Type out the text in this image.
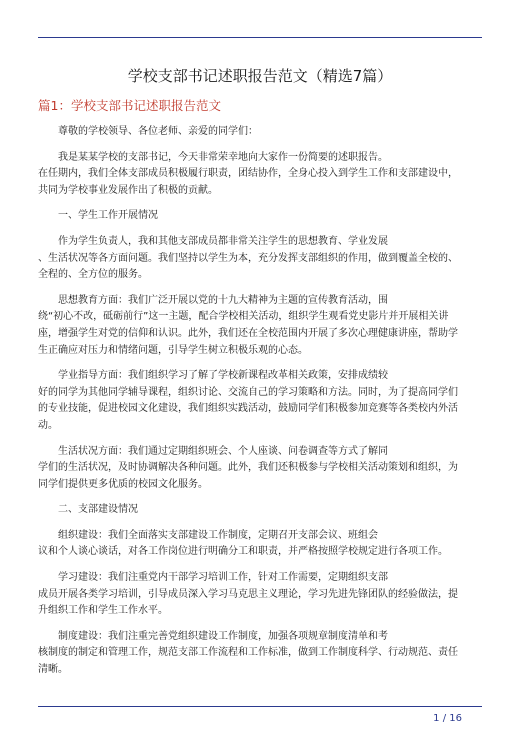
学校支部书记述职报告范文（精选7篇）
篇1：学校支部书记述职报告范文
　　尊敬的学校领导、各位老师、亲爱的同学们：
　　我是某某学校的支部书记，今天非常荣幸地向大家作一份简要的述职报告。
在任期内，我们全体支部成员积极履行职责，团结协作，全身心投入到学生工作和支部建设中，
共同为学校事业发展作出了积极的贡献。
　　一、学生工作开展情况
　　作为学生负责人，我和其他支部成员都非常关注学生的思想教育、学业发展
、生活状况等各方面问题。我们坚持以学生为本，充分发挥支部组织的作用，做到覆盖全校的、
全程的、全方位的服务。
　　思想教育方面：我们广泛开展以党的十九大精神为主题的宣传教育活动，围
绕“初心不改，砥砺前行”这一主题，配合学校相关活动，组织学生观看党史影片并开展相关讲
座，增强学生对党的信仰和认识。此外，我们还在全校范围内开展了多次心理健康讲座，帮助学
生正确应对压力和情绪问题，引导学生树立积极乐观的心态。
　　学业指导方面：我们组织学习了解了学校新课程改革相关政策，安排成绩较
好的同学为其他同学辅导课程，组织讨论、交流自己的学习策略和方法。同时，为了提高同学们
的专业技能，促进校园文化建设，我们组织实践活动，鼓励同学们积极参加竞赛等各类校内外活
动。
　　生活状况方面：我们通过定期组织班会、个人座谈、问卷调查等方式了解同
学们的生活状况，及时协调解决各种问题。此外，我们还积极参与学校相关活动策划和组织，为
同学们提供更多优质的校园文化服务。
　　二、支部建设情况
　　组织建设：我们全面落实支部建设工作制度，定期召开支部会议、班组会
议和个人谈心谈话，对各工作岗位进行明确分工和职责，并严格按照学校规定进行各项工作。
　　学习建设：我们注重党内干部学习培训工作，针对工作需要，定期组织支部
成员开展各类学习培训，引导成员深入学习马克思主义理论，学习先进先锋团队的经验做法，提
升组织工作和学生工作水平。
　　制度建设：我们注重完善党组织建设工作制度，加强各项规章制度清单和考
核制度的制定和管理工作，规范支部工作流程和工作标准，做到工作制度科学、行动规范、责任
清晰。
1 / 16
